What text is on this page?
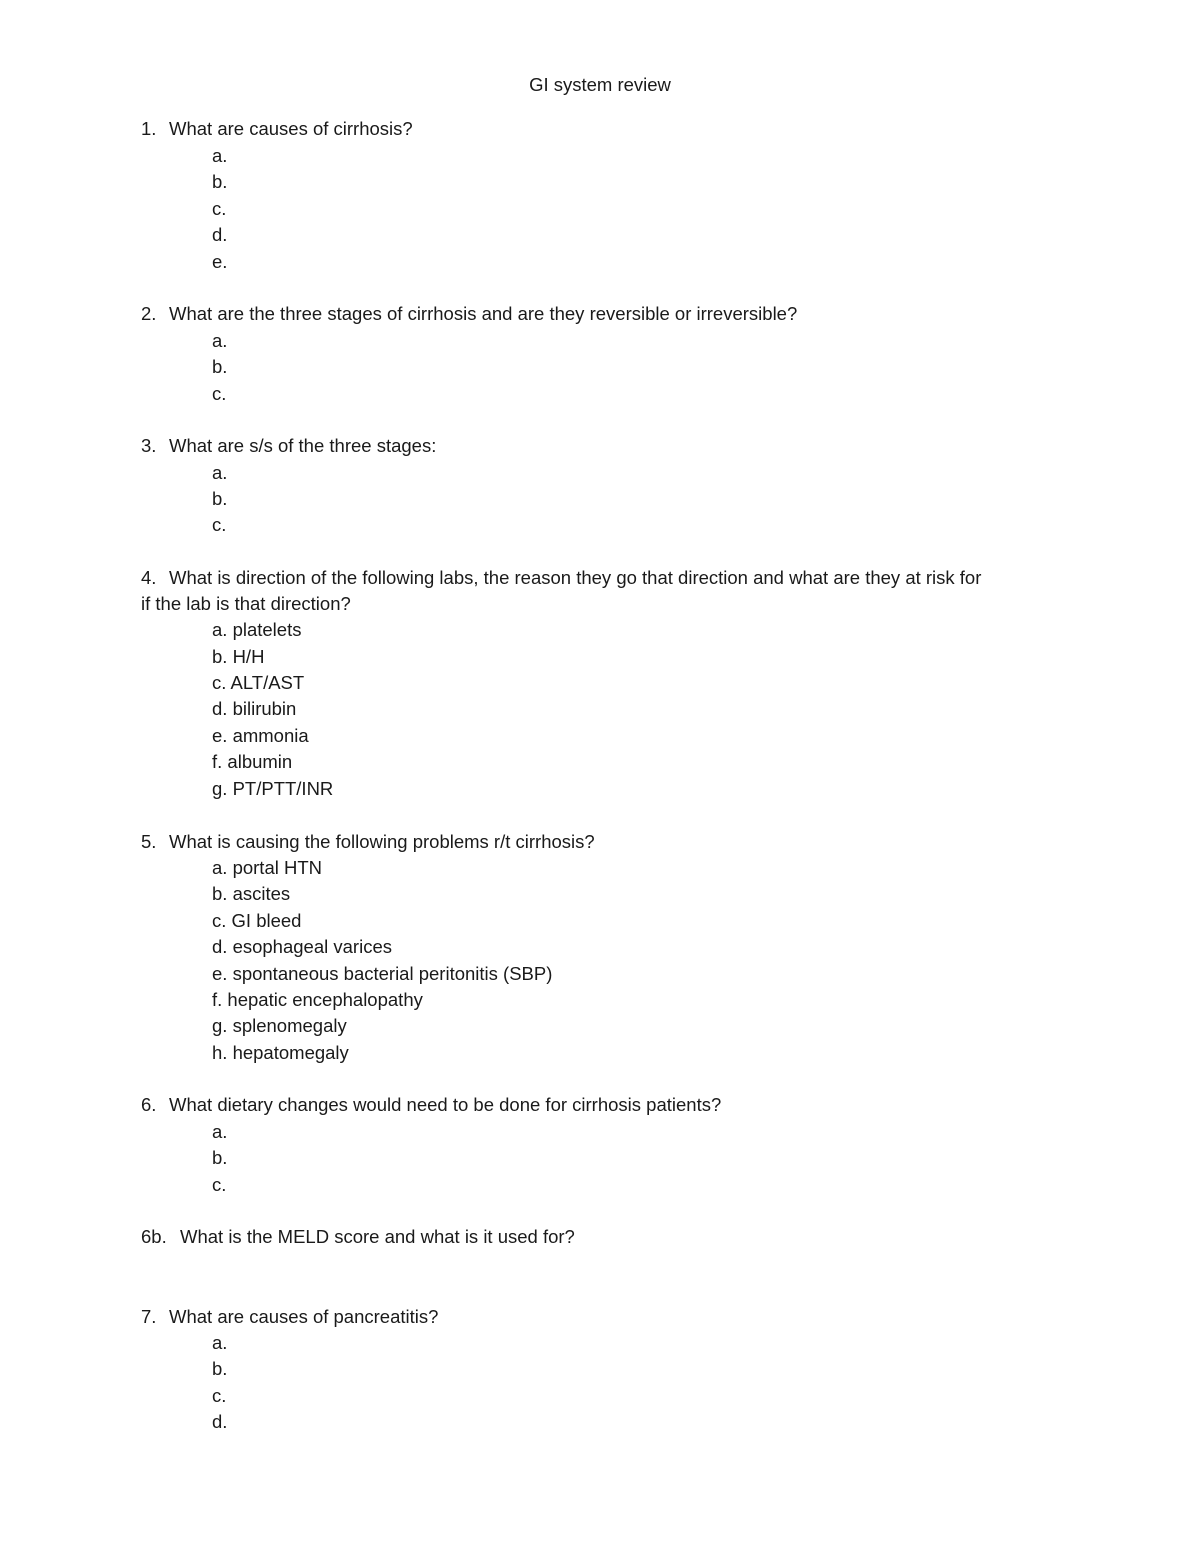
GI system review
1. What are causes of cirrhosis?
a.
b.
c.
d.
e.
2. What are the three stages of cirrhosis and are they reversible or irreversible?
a.
b.
c.
3. What are s/s of the three stages:
a.
b.
c.
4. What is direction of the following labs, the reason they go that direction and what are they at risk for
if the lab is that direction?
a. platelets
b. H/H
c. ALT/AST
d. bilirubin
e. ammonia
f. albumin
g. PT/PTT/INR
5. What is causing the following problems r/t cirrhosis?
a. portal HTN
b. ascites
c. GI bleed
d. esophageal varices
e. spontaneous bacterial peritonitis (SBP)
f. hepatic encephalopathy
g. splenomegaly
h. hepatomegaly
6. What dietary changes would need to be done for cirrhosis patients?
a.
b.
c.
6b. What is the MELD score and what is it used for?
7. What are causes of pancreatitis?
a.
b.
c.
d.
